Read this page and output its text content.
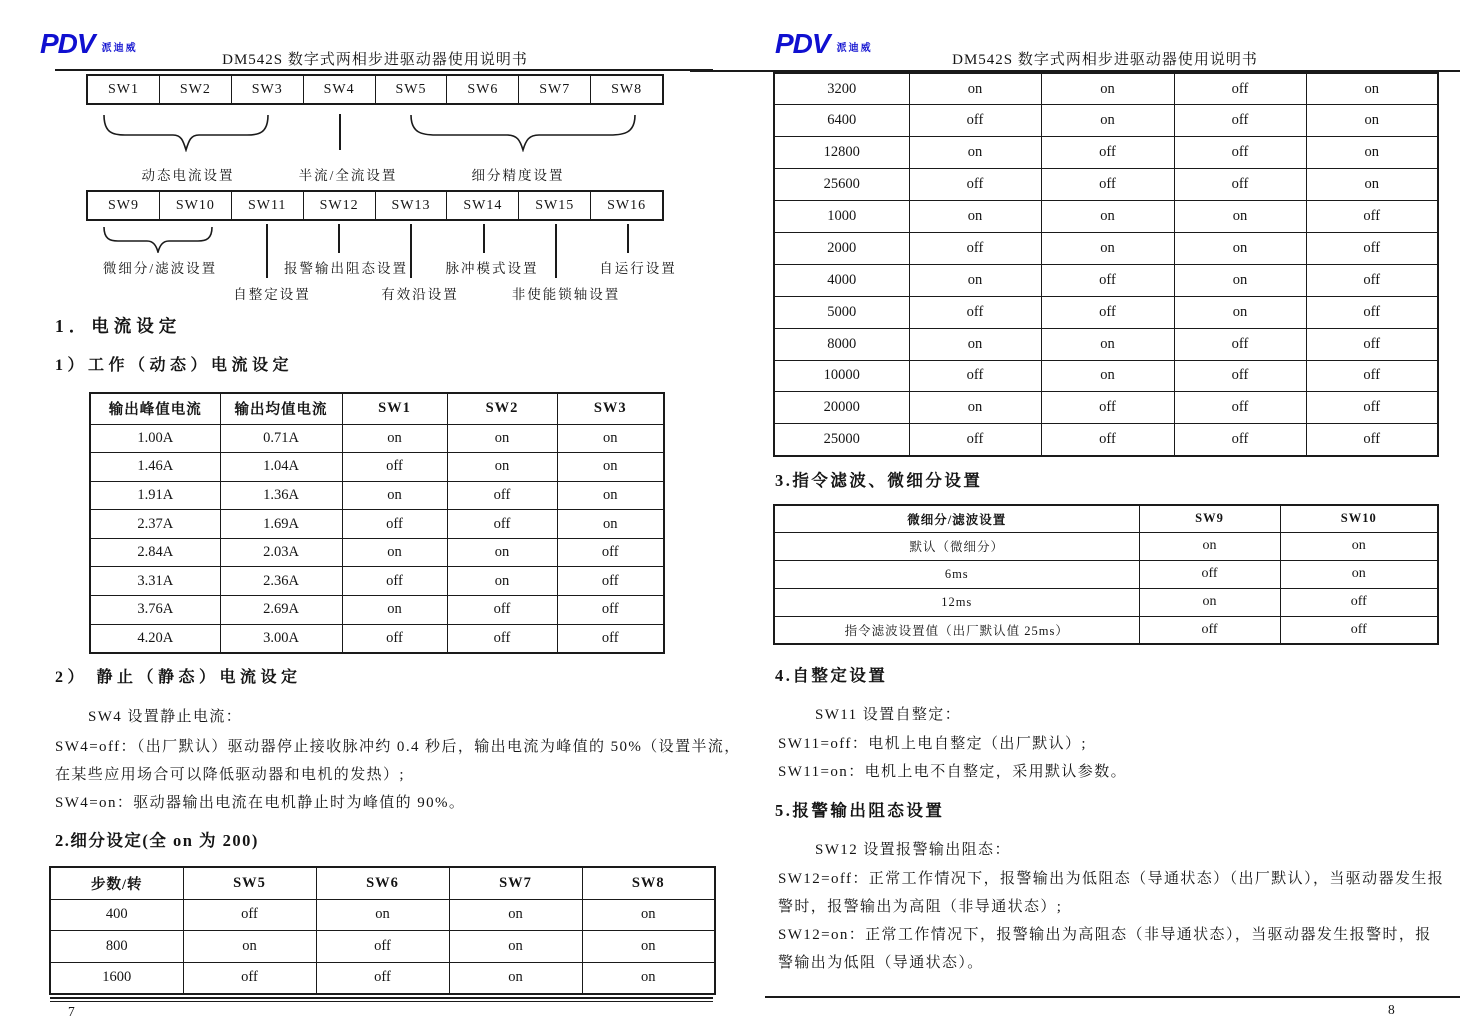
PDV 派迪威
DM542S 数字式两相步进驱动器使用说明书
SW1	SW2	SW3	SW4	SW5	SW6	SW7	SW8
动态电流设置	半流/全流设置	细分精度设置
SW9	SW10	SW11	SW12	SW13	SW14	SW15	SW16
微细分/滤波设置	报警输出阻态设置	脉冲模式设置	自运行设置
自整定设置	有效沿设置	非使能锁轴设置
1．电流设定
1）工作（动态）电流设定
输出峰值电流	输出均值电流	SW1	SW2	SW3
1.00A	0.71A	on	on	on
1.46A	1.04A	off	on	on
1.91A	1.36A	on	off	on
2.37A	1.69A	off	off	on
2.84A	2.03A	on	on	off
3.31A	2.36A	off	on	off
3.76A	2.69A	on	off	off
4.20A	3.00A	off	off	off
2） 静止（静态）电流设定
SW4 设置静止电流：
SW4=off：（出厂默认）驱动器停止接收脉冲约 0.4 秒后，输出电流为峰值的 50%（设置半流，
在某些应用场合可以降低驱动器和电机的发热）;
SW4=on：驱动器输出电流在电机静止时为峰值的 90%。
2.细分设定(全 on 为 200)
步数/转	SW5	SW6	SW7	SW8
400	off	on	on	on
800	on	off	on	on
1600	off	off	on	on
7
PDV 派迪威
DM542S 数字式两相步进驱动器使用说明书
3200	on	on	off	on
6400	off	on	off	on
12800	on	off	off	on
25600	off	off	off	on
1000	on	on	on	off
2000	off	on	on	off
4000	on	off	on	off
5000	off	off	on	off
8000	on	on	off	off
10000	off	on	off	off
20000	on	off	off	off
25000	off	off	off	off
3.指令滤波、微细分设置
微细分/滤波设置	SW9	SW10
默认（微细分）	on	on
6ms	off	on
12ms	on	off
指令滤波设置值（出厂默认值 25ms）	off	off
4.自整定设置
SW11 设置自整定：
SW11=off：电机上电自整定（出厂默认）;
SW11=on：电机上电不自整定，采用默认参数。
5.报警输出阻态设置
SW12 设置报警输出阻态：
SW12=off：正常工作情况下，报警输出为低阻态（导通状态）（出厂默认），当驱动器发生报
警时，报警输出为高阻（非导通状态）;
SW12=on：正常工作情况下，报警输出为高阻态（非导通状态），当驱动器发生报警时，报
警输出为低阻（导通状态）。
8
